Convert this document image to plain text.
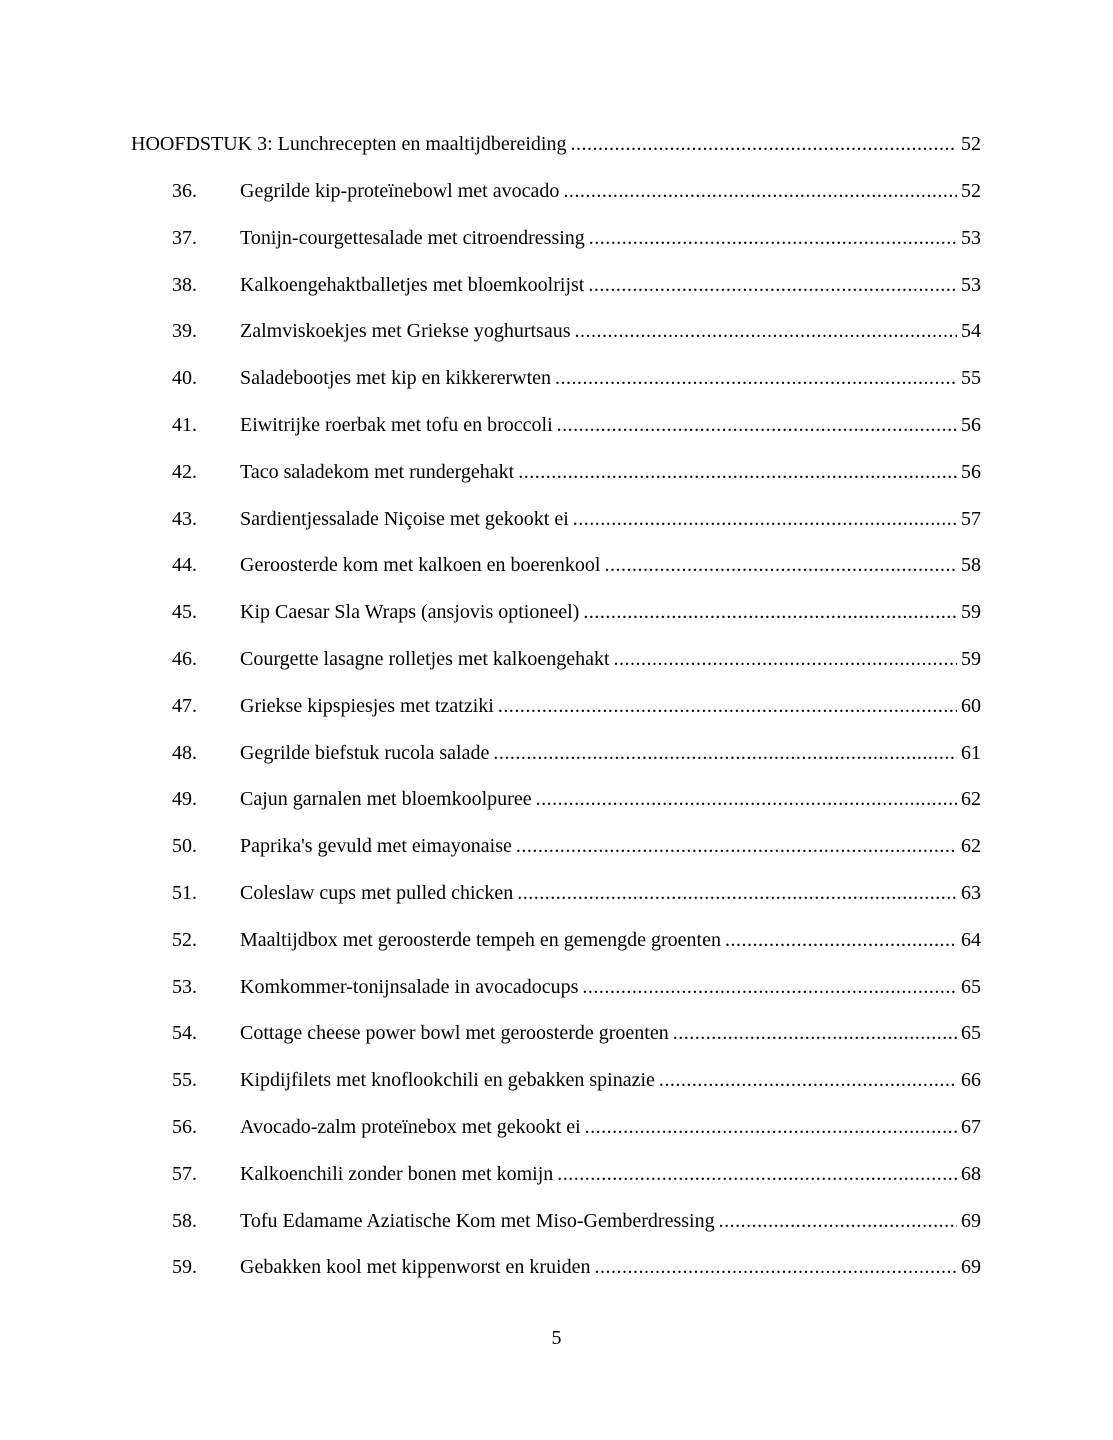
HOOFDSTUK 3: Lunchrecepten en maaltijdbereiding .....	52
36.	Gegrilde kip-proteïnebowl met avocado .....	52
37.	Tonijn-courgettesalade met citroendressing .....	53
38.	Kalkoengehaktballetjes met bloemkoolrijst .....	53
39.	Zalmviskoekjes met Griekse yoghurtsaus .....	54
40.	Saladebootjes met kip en kikkererwten .....	55
41.	Eiwitrijke roerbak met tofu en broccoli .....	56
42.	Taco saladekom met rundergehakt .....	56
43.	Sardientjessalade Niçoise met gekookt ei .....	57
44.	Geroosterde kom met kalkoen en boerenkool .....	58
45.	Kip Caesar Sla Wraps (ansjovis optioneel) .....	59
46.	Courgette lasagne rolletjes met kalkoengehakt .....	59
47.	Griekse kipspiesjes met tzatziki .....	60
48.	Gegrilde biefstuk rucola salade .....	61
49.	Cajun garnalen met bloemkoolpuree .....	62
50.	Paprika's gevuld met eimayonaise .....	62
51.	Coleslaw cups met pulled chicken .....	63
52.	Maaltijdbox met geroosterde tempeh en gemengde groenten .....	64
53.	Komkommer-tonijnsalade in avocadocups .....	65
54.	Cottage cheese power bowl met geroosterde groenten .....	65
55.	Kipdijfilets met knoflookchili en gebakken spinazie .....	66
56.	Avocado-zalm proteïnebox met gekookt ei .....	67
57.	Kalkoenchili zonder bonen met komijn .....	68
58.	Tofu Edamame Aziatische Kom met Miso-Gemberdressing .....	69
59.	Gebakken kool met kippenworst en kruiden .....	69
5
